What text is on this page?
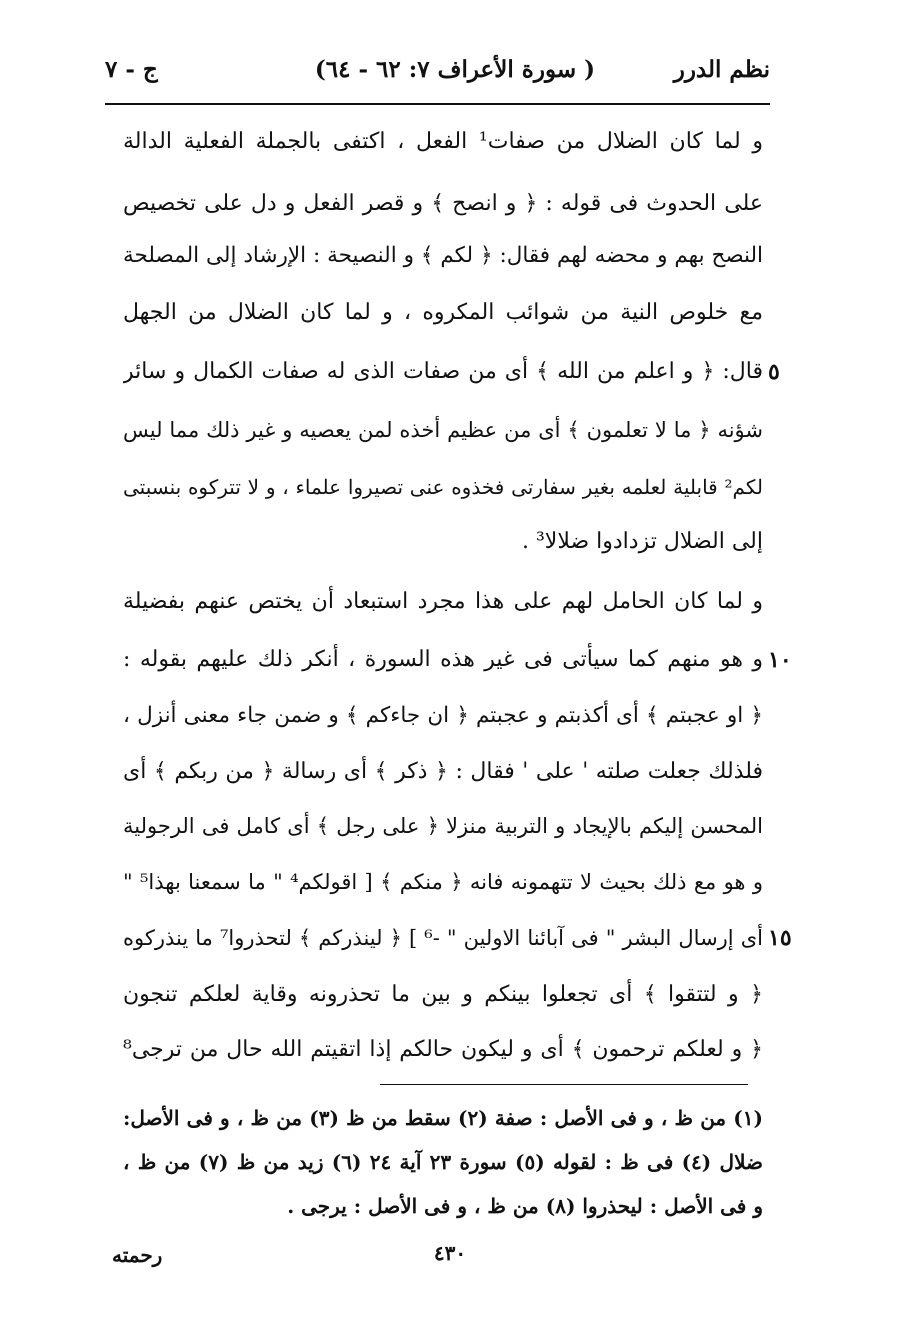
نظم الدرر
( سورة الأعراف ٧: ٦٢ - ٦٤)
ج - ٧
و لما كان الضلال من صفات¹ الفعل ، اكتفى بالجملة الفعلية الدالة
على الحدوث فى قوله : ﴿ و انصح ﴾ و قصر الفعل و دل على تخصيص
النصح بهم و محضه لهم فقال: ﴿ لكم ﴾ و النصيحة : الإرشاد إلى المصلحة
مع خلوص النية من شوائب المكروه ، و لما كان الضلال من الجهل
قال: ﴿ و اعلم من الله ﴾ أى من صفات الذى له صفات الكمال و سائر ٥
شؤنه ﴿ ما لا تعلمون ﴾ أى من عظيم أخذه لمن يعصيه و غير ذلك مما ليس
لكم² قابلية لعلمه بغير سفارتى فخذوه عنى تصيروا علماء ، و لا تتركوه بنسبتى
إلى الضلال تزدادوا ضلالا³ .
و لما كان الحامل لهم على هذا مجرد استبعاد أن يختص عنهم بفضيلة
و هو منهم كما سيأتى فى غير هذه السورة ، أنكر ذلك عليهم بقوله : ١٠
﴿ او عجبتم ﴾ أى أكذبتم و عجبتم ﴿ ان جاءكم ﴾ و ضمن جاء معنى أنزل ،
فلذلك جعلت صلته ' على ' فقال : ﴿ ذكر ﴾ أى رسالة ﴿ من ربكم ﴾ أى
المحسن إليكم بالإيجاد و التربية منزلا ﴿ على رجل ﴾ أى كامل فى الرجولية
و هو مع ذلك بحيث لا تتهمونه فانه ﴿ منكم ﴾ [ اقولكم⁴ " ما سمعنا بهذا⁵ "
أى إرسال البشر " فى آبائنا الاولين " -⁶ ] ﴿ لينذركم ﴾ لتحذروا⁷ ما ينذركوه ١٥
﴿ و لتتقوا ﴾ أى تجعلوا بينكم و بين ما تحذرونه وقاية لعلكم تنجون
﴿ و لعلكم ترحمون ﴾ أى و ليكون حالكم إذا اتقيتم الله حال من ترجى⁸
(١) من ظ ، و فى الأصل : صفة (٢) سقط من ظ (٣) من ظ ، و فى الأصل:
ضلال (٤) فى ظ : لقوله (٥) سورة ٢٣ آية ٢٤ (٦) زيد من ظ (٧) من ظ ،
و فى الأصل : ليحذروا (٨) من ظ ، و فى الأصل : يرجى .
٤٣٠
رحمته
